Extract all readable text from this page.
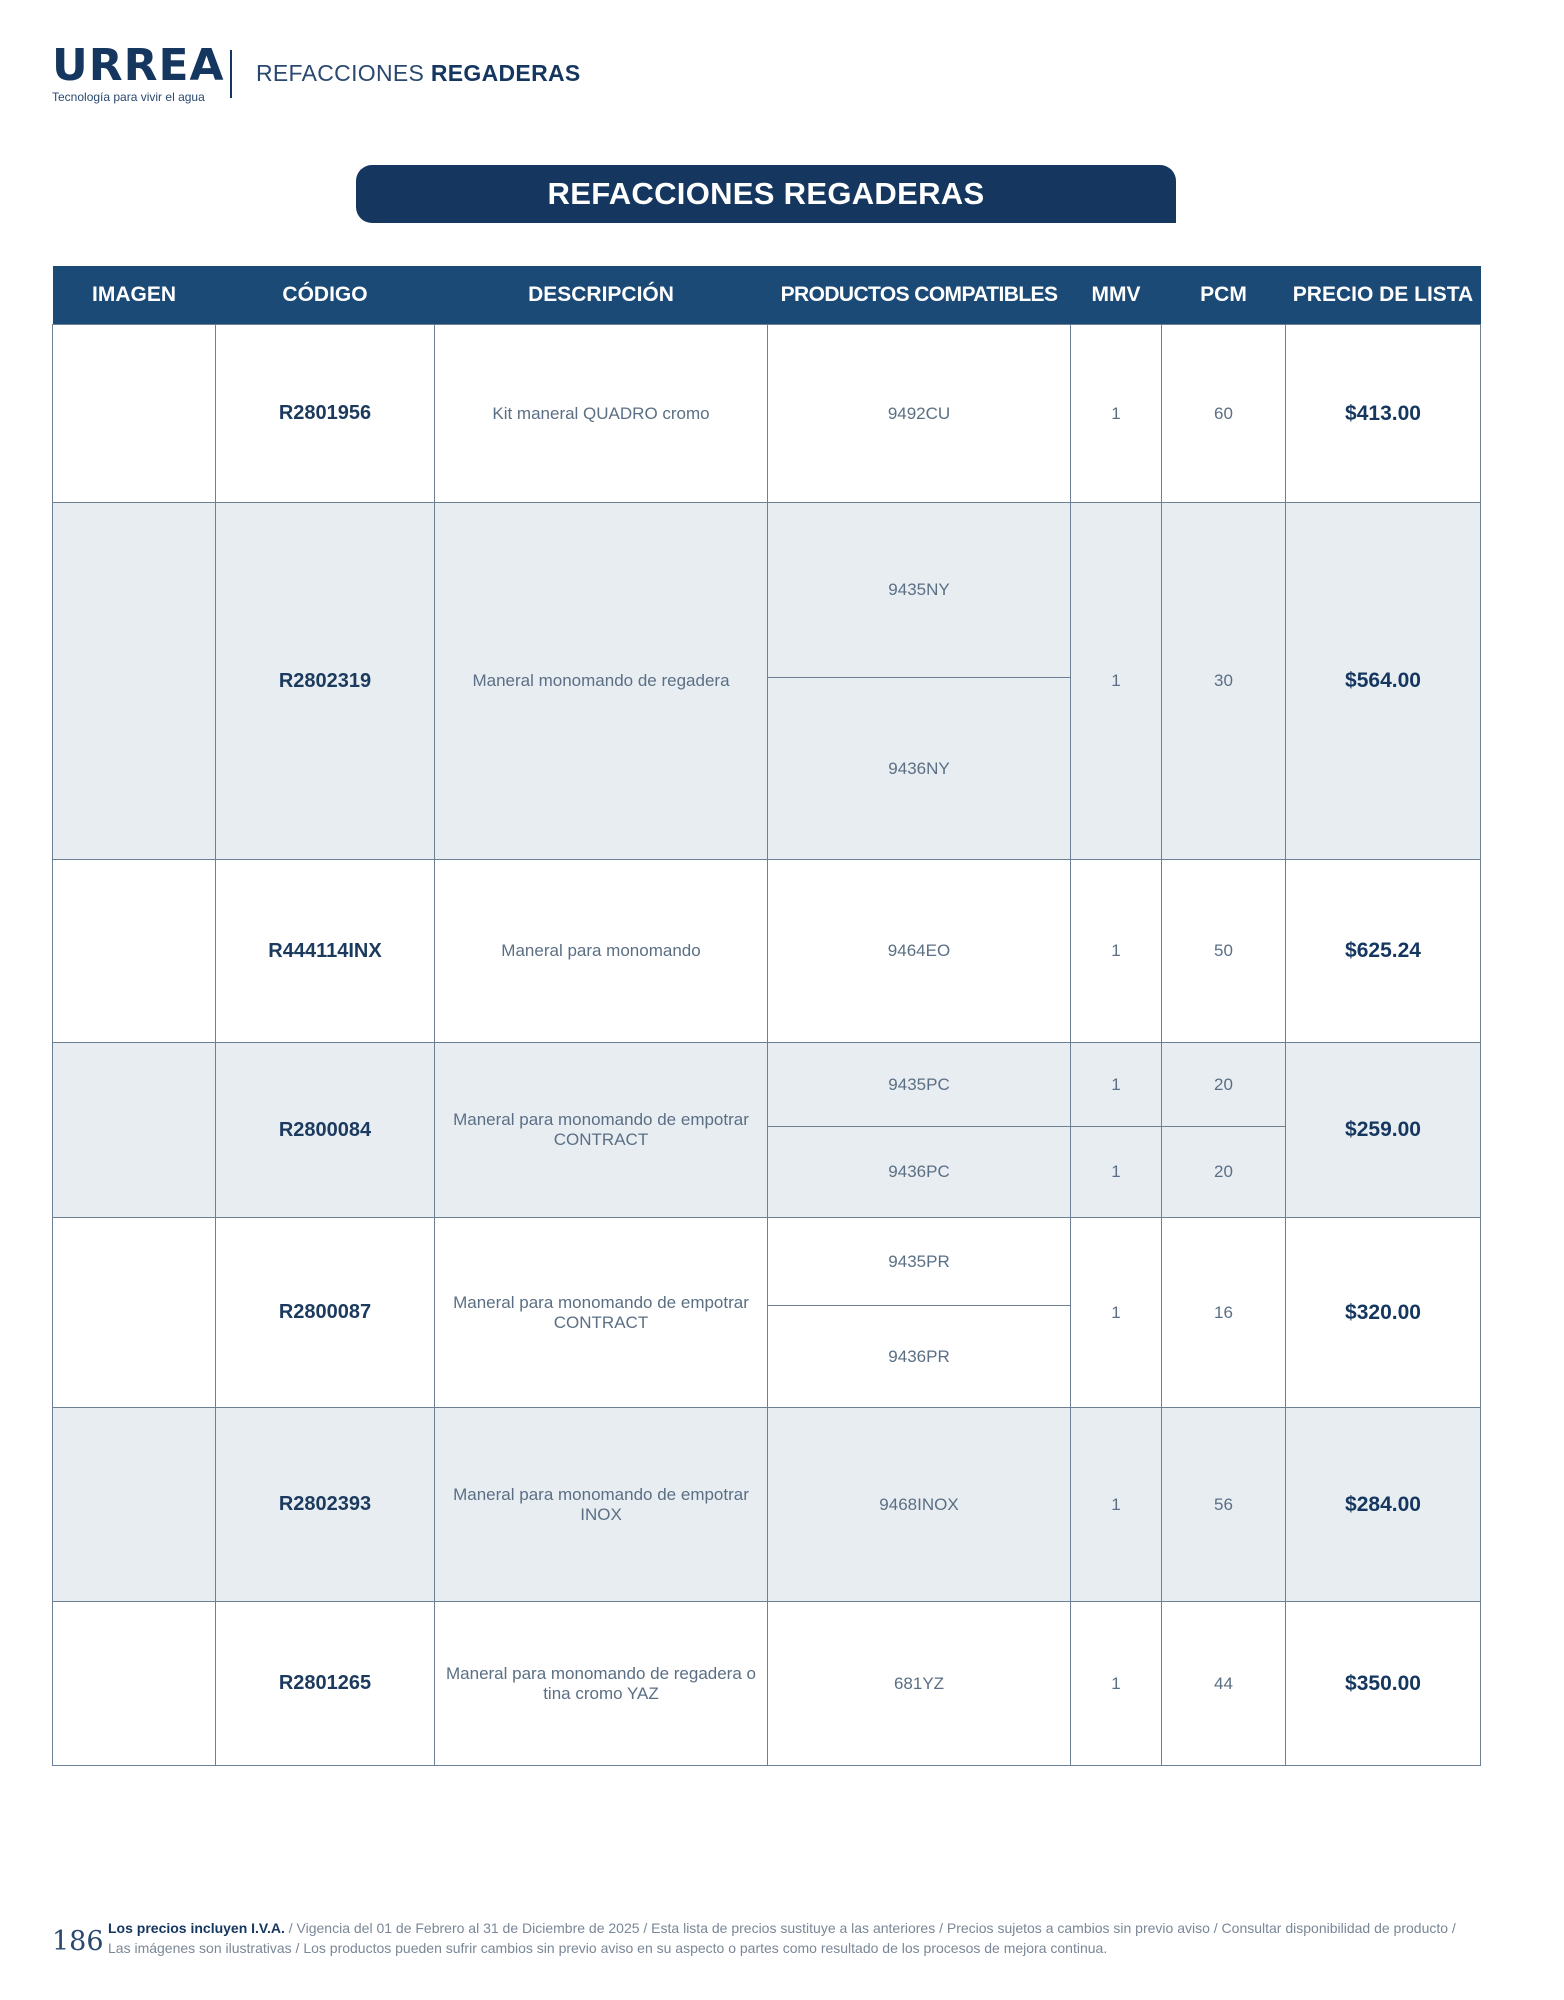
URREA
Tecnología para vivir el agua
REFACCIONES REGADERAS
REFACCIONES REGADERAS
IMAGEN	CÓDIGO	DESCRIPCIÓN	PRODUCTOS COMPATIBLES	MMV	PCM	PRECIO DE LISTA
	R2801956	Kit maneral QUADRO cromo	9492CU	1	60	$413.00
	R2802319	Maneral monomando de regadera	9435NY	1	30	$564.00
			9436NY			
	R444114INX	Maneral para monomando	9464EO	1	50	$625.24
	R2800084	Maneral para monomando de empotrar CONTRACT	9435PC	1	20	$259.00
			9436PC	1	20	
	R2800087	Maneral para monomando de empotrar CONTRACT	9435PR	1	16	$320.00
			9436PR			
	R2802393	Maneral para monomando de empotrar INOX	9468INOX	1	56	$284.00
	R2801265	Maneral para monomando de regadera o tina cromo YAZ	681YZ	1	44	$350.00
186 Los precios incluyen I.V.A. / Vigencia del 01 de Febrero al 31 de Diciembre de 2025 / Esta lista de precios sustituye a las anteriores / Precios sujetos a cambios sin previo aviso / Consultar disponibilidad de producto / Las imágenes son ilustrativas / Los productos pueden sufrir cambios sin previo aviso en su aspecto o partes como resultado de los procesos de mejora continua.
